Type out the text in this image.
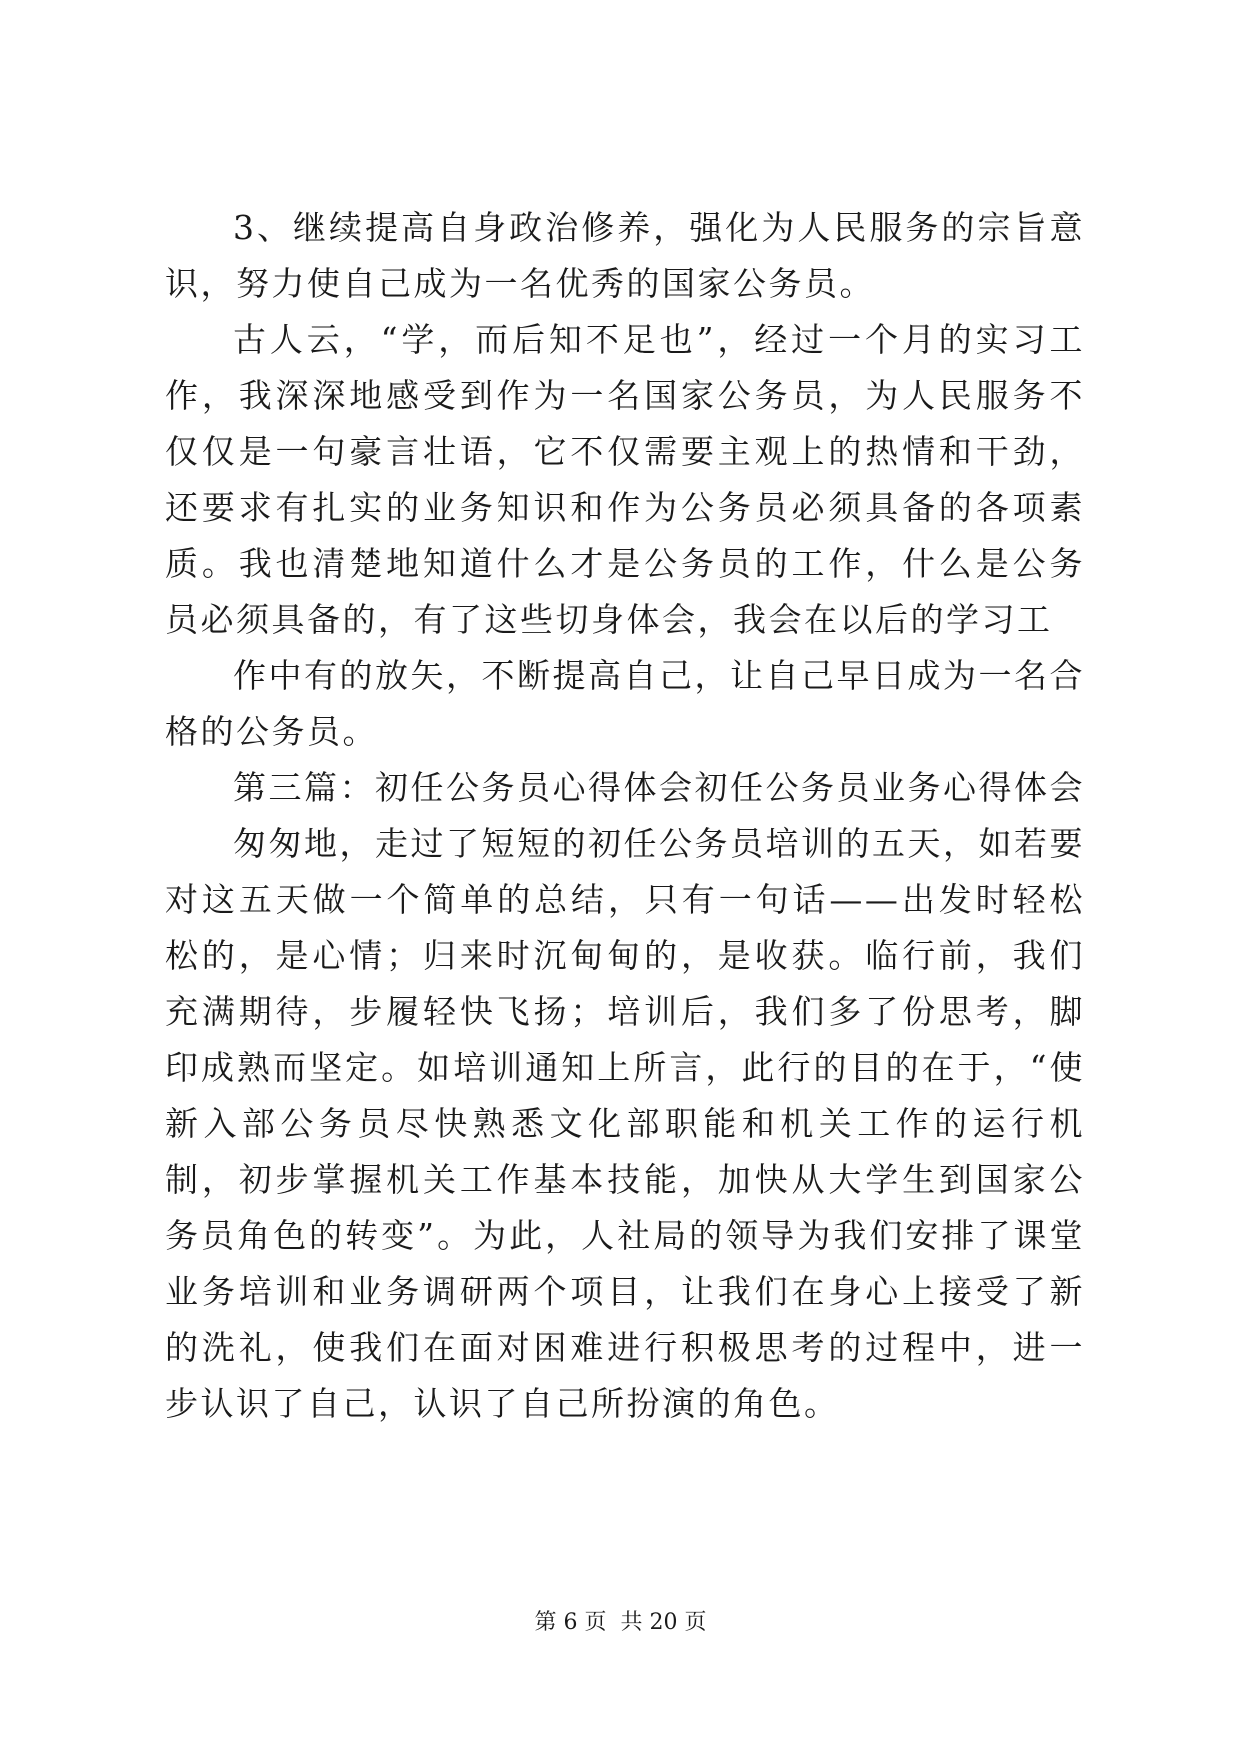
3、继续提高自身政治修养，强化为人民服务的宗旨意识，努力使自己成为一名优秀的国家公务员。

古人云，“学，而后知不足也”，经过一个月的实习工作，我深深地感受到作为一名国家公务员，为人民服务不仅仅是一句豪言壮语，它不仅需要主观上的热情和干劲，还要求有扎实的业务知识和作为公务员必须具备的各项素质。我也清楚地知道什么才是公务员的工作，什么是公务员必须具备的，有了这些切身体会，我会在以后的学习工

作中有的放矢，不断提高自己，让自己早日成为一名合格的公务员。

第三篇：初任公务员心得体会初任公务员业务心得体会

匆匆地，走过了短短的初任公务员培训的五天，如若要对这五天做一个简单的总结，只有一句话——出发时轻松松的，是心情；归来时沉甸甸的，是收获。临行前，我们充满期待，步履轻快飞扬；培训后，我们多了份思考，脚印成熟而坚定。如培训通知上所言，此行的目的在于，“使新入部公务员尽快熟悉文化部职能和机关工作的运行机制，初步掌握机关工作基本技能，加快从大学生到国家公务员角色的转变”。为此，人社局的领导为我们安排了课堂业务培训和业务调研两个项目，让我们在身心上接受了新的洗礼，使我们在面对困难进行积极思考的过程中，进一步认识了自己，认识了自己所扮演的角色。

第 6 页  共 20 页
